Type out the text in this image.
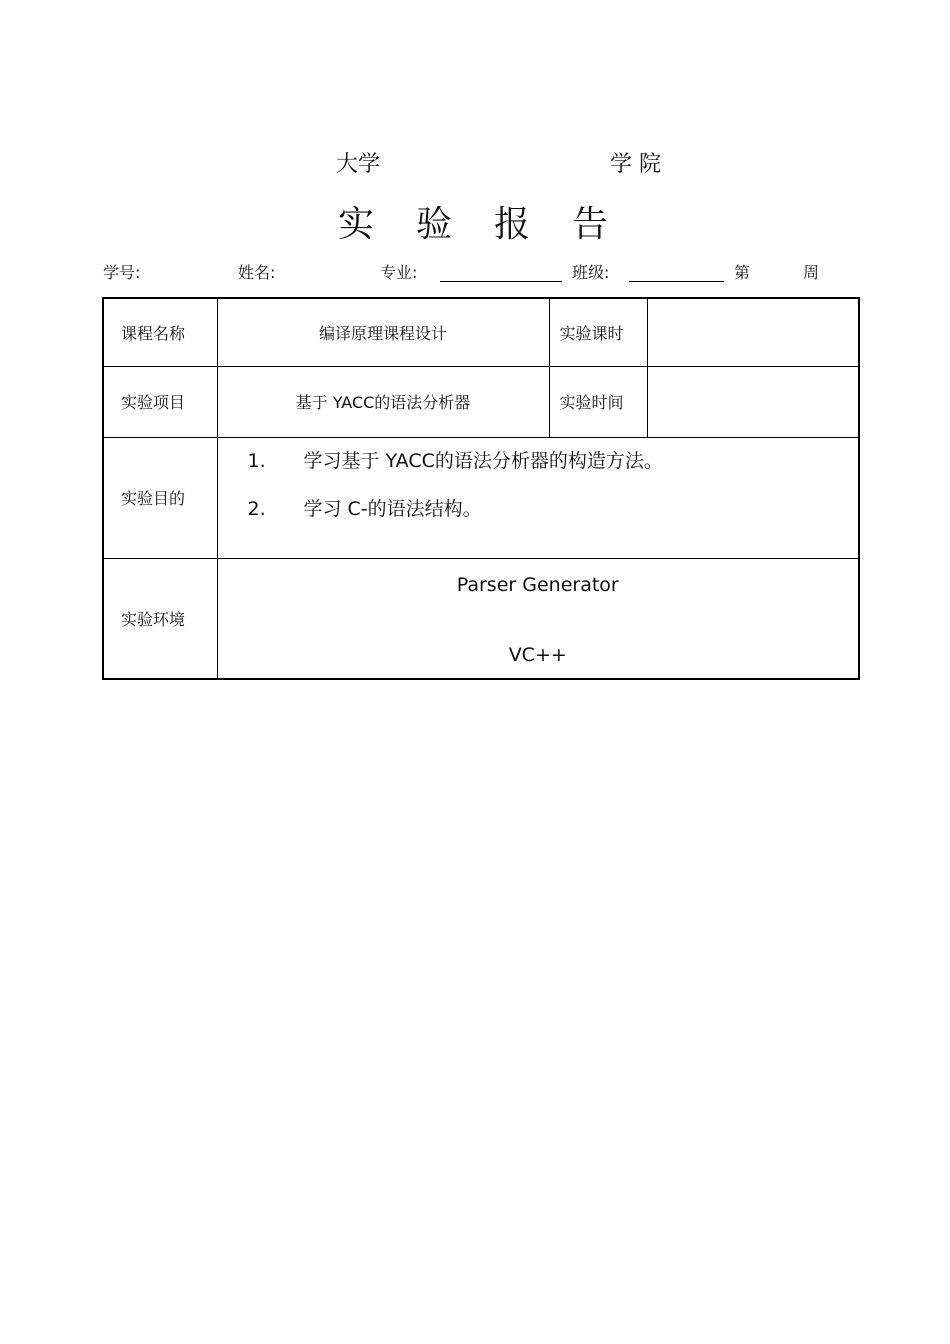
大学	学 院
实验报告
学号:	姓名:	专业:	班级:	第	周
课程名称	编译原理课程设计	实验课时	
实验项目	基于 YACC的语法分析器	实验时间	
实验目的	1. 学习基于 YACC的语法分析器的构造方法。
2. 学习 C-的语法结构。		

实验环境	Parser Generator
VC++		
